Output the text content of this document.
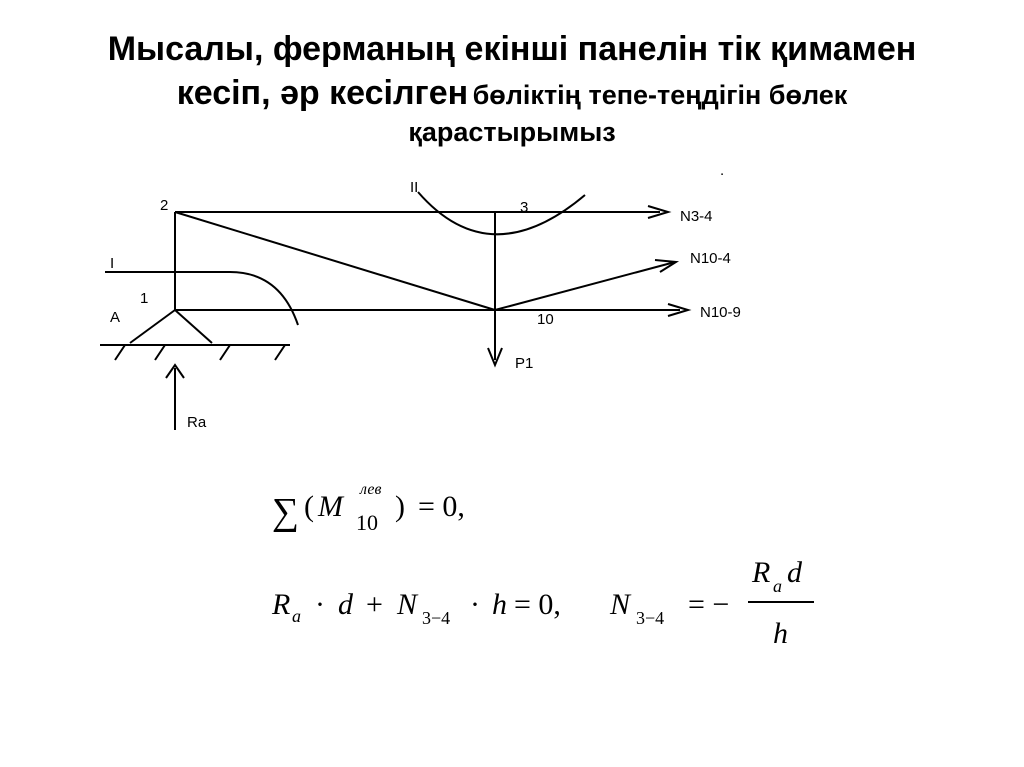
Мысалы, ферманың екінші панелін тік қимамен
кесіп, әр кесілген бөліктің тепе-теңдігін бөлек
қарастырымыз
2	3
1
10
A
I
II
N3-4
N10-4
N10-9
P1
Ra
.
∑ ( M
лев
10 ) = 0,
R a · d + N 3−4 · h = 0, N 3−4 = −
R a d
h
